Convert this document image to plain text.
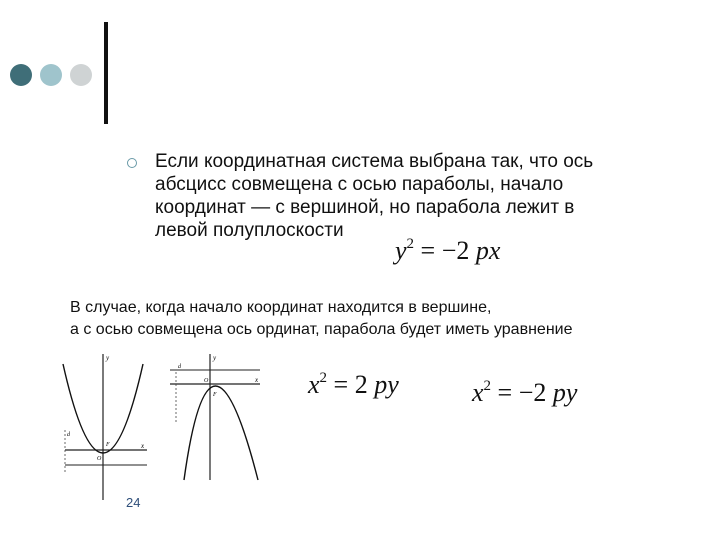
Если координатная система выбрана так, что ось
абсцисс совмещена с осью параболы, начало
координат — с вершиной, но парабола лежит в
левой полуплоскости
$y^2 = -2$ px
В случае, когда начало координат находится в вершине,
а с осью совмещена ось ординат, парабола будет иметь уравнение
y
x
F
O
d
y
x
F
O
d
$x^2 = 2$ py	$x^2 = -2$ py
24
